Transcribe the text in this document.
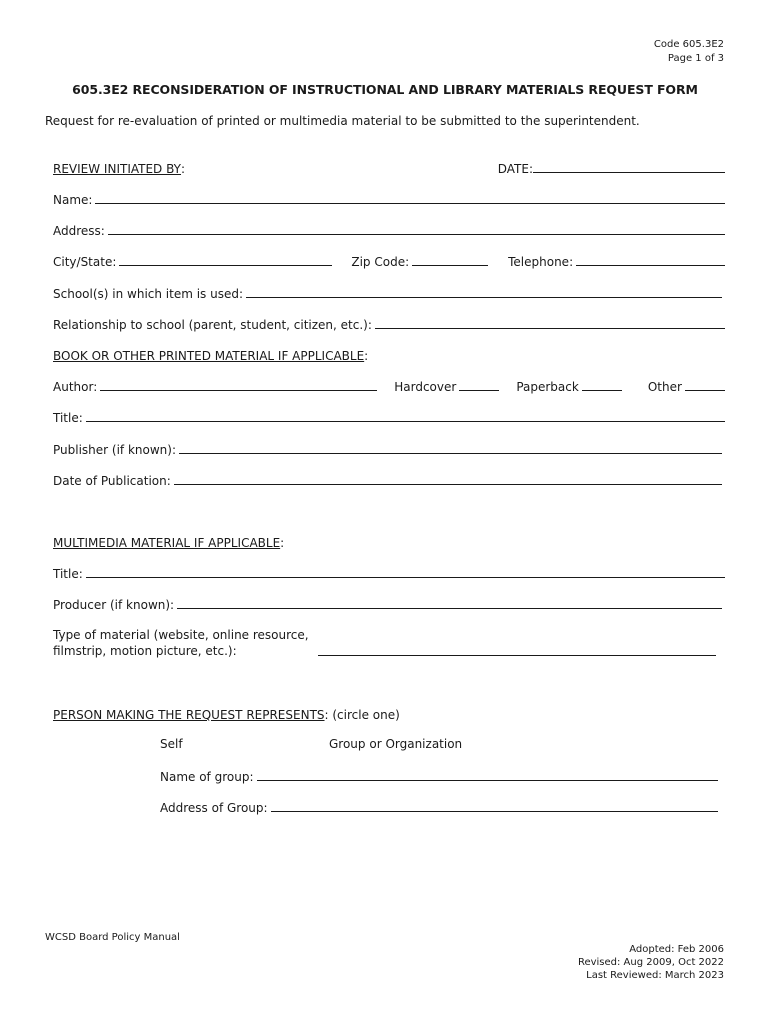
Code 605.3E2
Page 1 of 3
605.3E2 RECONSIDERATION OF INSTRUCTIONAL AND LIBRARY MATERIALS REQUEST FORM
Request for re-evaluation of printed or multimedia material to be submitted to the superintendent.
REVIEW INITIATED BY :	DATE:
Name:
Address:
City/State:	Zip Code:	Telephone:
School(s) in which item is used:
Relationship to school (parent, student, citizen, etc.):
BOOK OR OTHER PRINTED MATERIAL IF APPLICABLE :
Author:	Hardcover	Paperback	Other
Title:
Publisher (if known):
Date of Publication:
MULTIMEDIA MATERIAL IF APPLICABLE :
Title:
Producer (if known):
Type of material (website, online resource,
filmstrip, motion picture, etc.):
PERSON MAKING THE REQUEST REPRESENTS : (circle one)
Self	Group or Organization
Name of group:
Address of Group:
WCSD Board Policy Manual
Adopted: Feb 2006
Revised: Aug 2009, Oct 2022
Last Reviewed: March 2023
